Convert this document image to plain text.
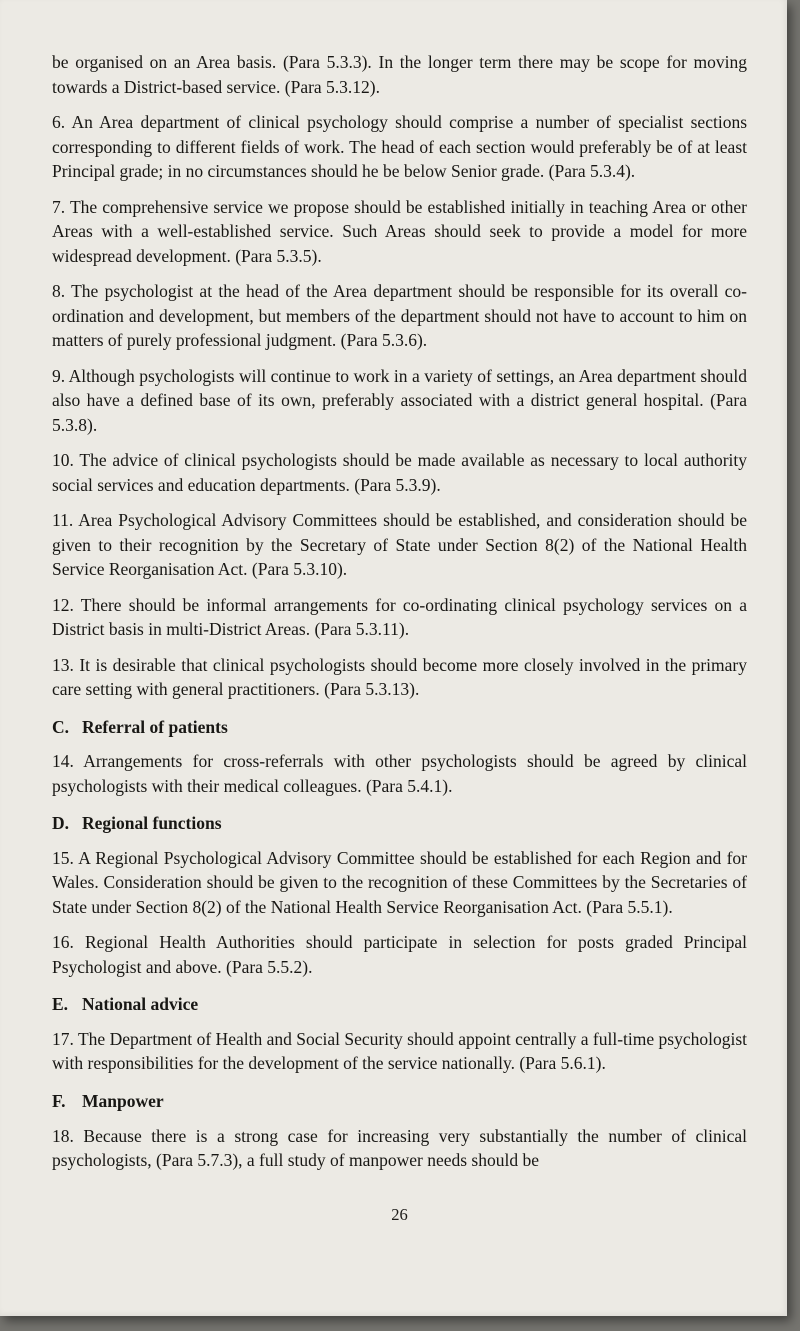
be organised on an Area basis. (Para 5.3.3). In the longer term there may be scope for moving towards a District-based service. (Para 5.3.12).

6. An Area department of clinical psychology should comprise a number of specialist sections corresponding to different fields of work. The head of each section would preferably be of at least Principal grade; in no circumstances should he be below Senior grade. (Para 5.3.4).

7. The comprehensive service we propose should be established initially in teaching Area or other Areas with a well-established service. Such Areas should seek to provide a model for more widespread development. (Para 5.3.5).

8. The psychologist at the head of the Area department should be responsible for its overall co-ordination and development, but members of the department should not have to account to him on matters of purely professional judgment. (Para 5.3.6).

9. Although psychologists will continue to work in a variety of settings, an Area department should also have a defined base of its own, preferably associated with a district general hospital. (Para 5.3.8).

10. The advice of clinical psychologists should be made available as necessary to local authority social services and education departments. (Para 5.3.9).

11. Area Psychological Advisory Committees should be established, and consideration should be given to their recognition by the Secretary of State under Section 8(2) of the National Health Service Reorganisation Act. (Para 5.3.10).

12. There should be informal arrangements for co-ordinating clinical psychology services on a District basis in multi-District Areas. (Para 5.3.11).

13. It is desirable that clinical psychologists should become more closely involved in the primary care setting with general practitioners. (Para 5.3.13).

C. Referral of patients

14. Arrangements for cross-referrals with other psychologists should be agreed by clinical psychologists with their medical colleagues. (Para 5.4.1).

D. Regional functions

15. A Regional Psychological Advisory Committee should be established for each Region and for Wales. Consideration should be given to the recognition of these Committees by the Secretaries of State under Section 8(2) of the National Health Service Reorganisation Act. (Para 5.5.1).

16. Regional Health Authorities should participate in selection for posts graded Principal Psychologist and above. (Para 5.5.2).

E. National advice

17. The Department of Health and Social Security should appoint centrally a full-time psychologist with responsibilities for the development of the service nationally. (Para 5.6.1).

F. Manpower

18. Because there is a strong case for increasing very substantially the number of clinical psychologists, (Para 5.7.3), a full study of manpower needs should be

26
